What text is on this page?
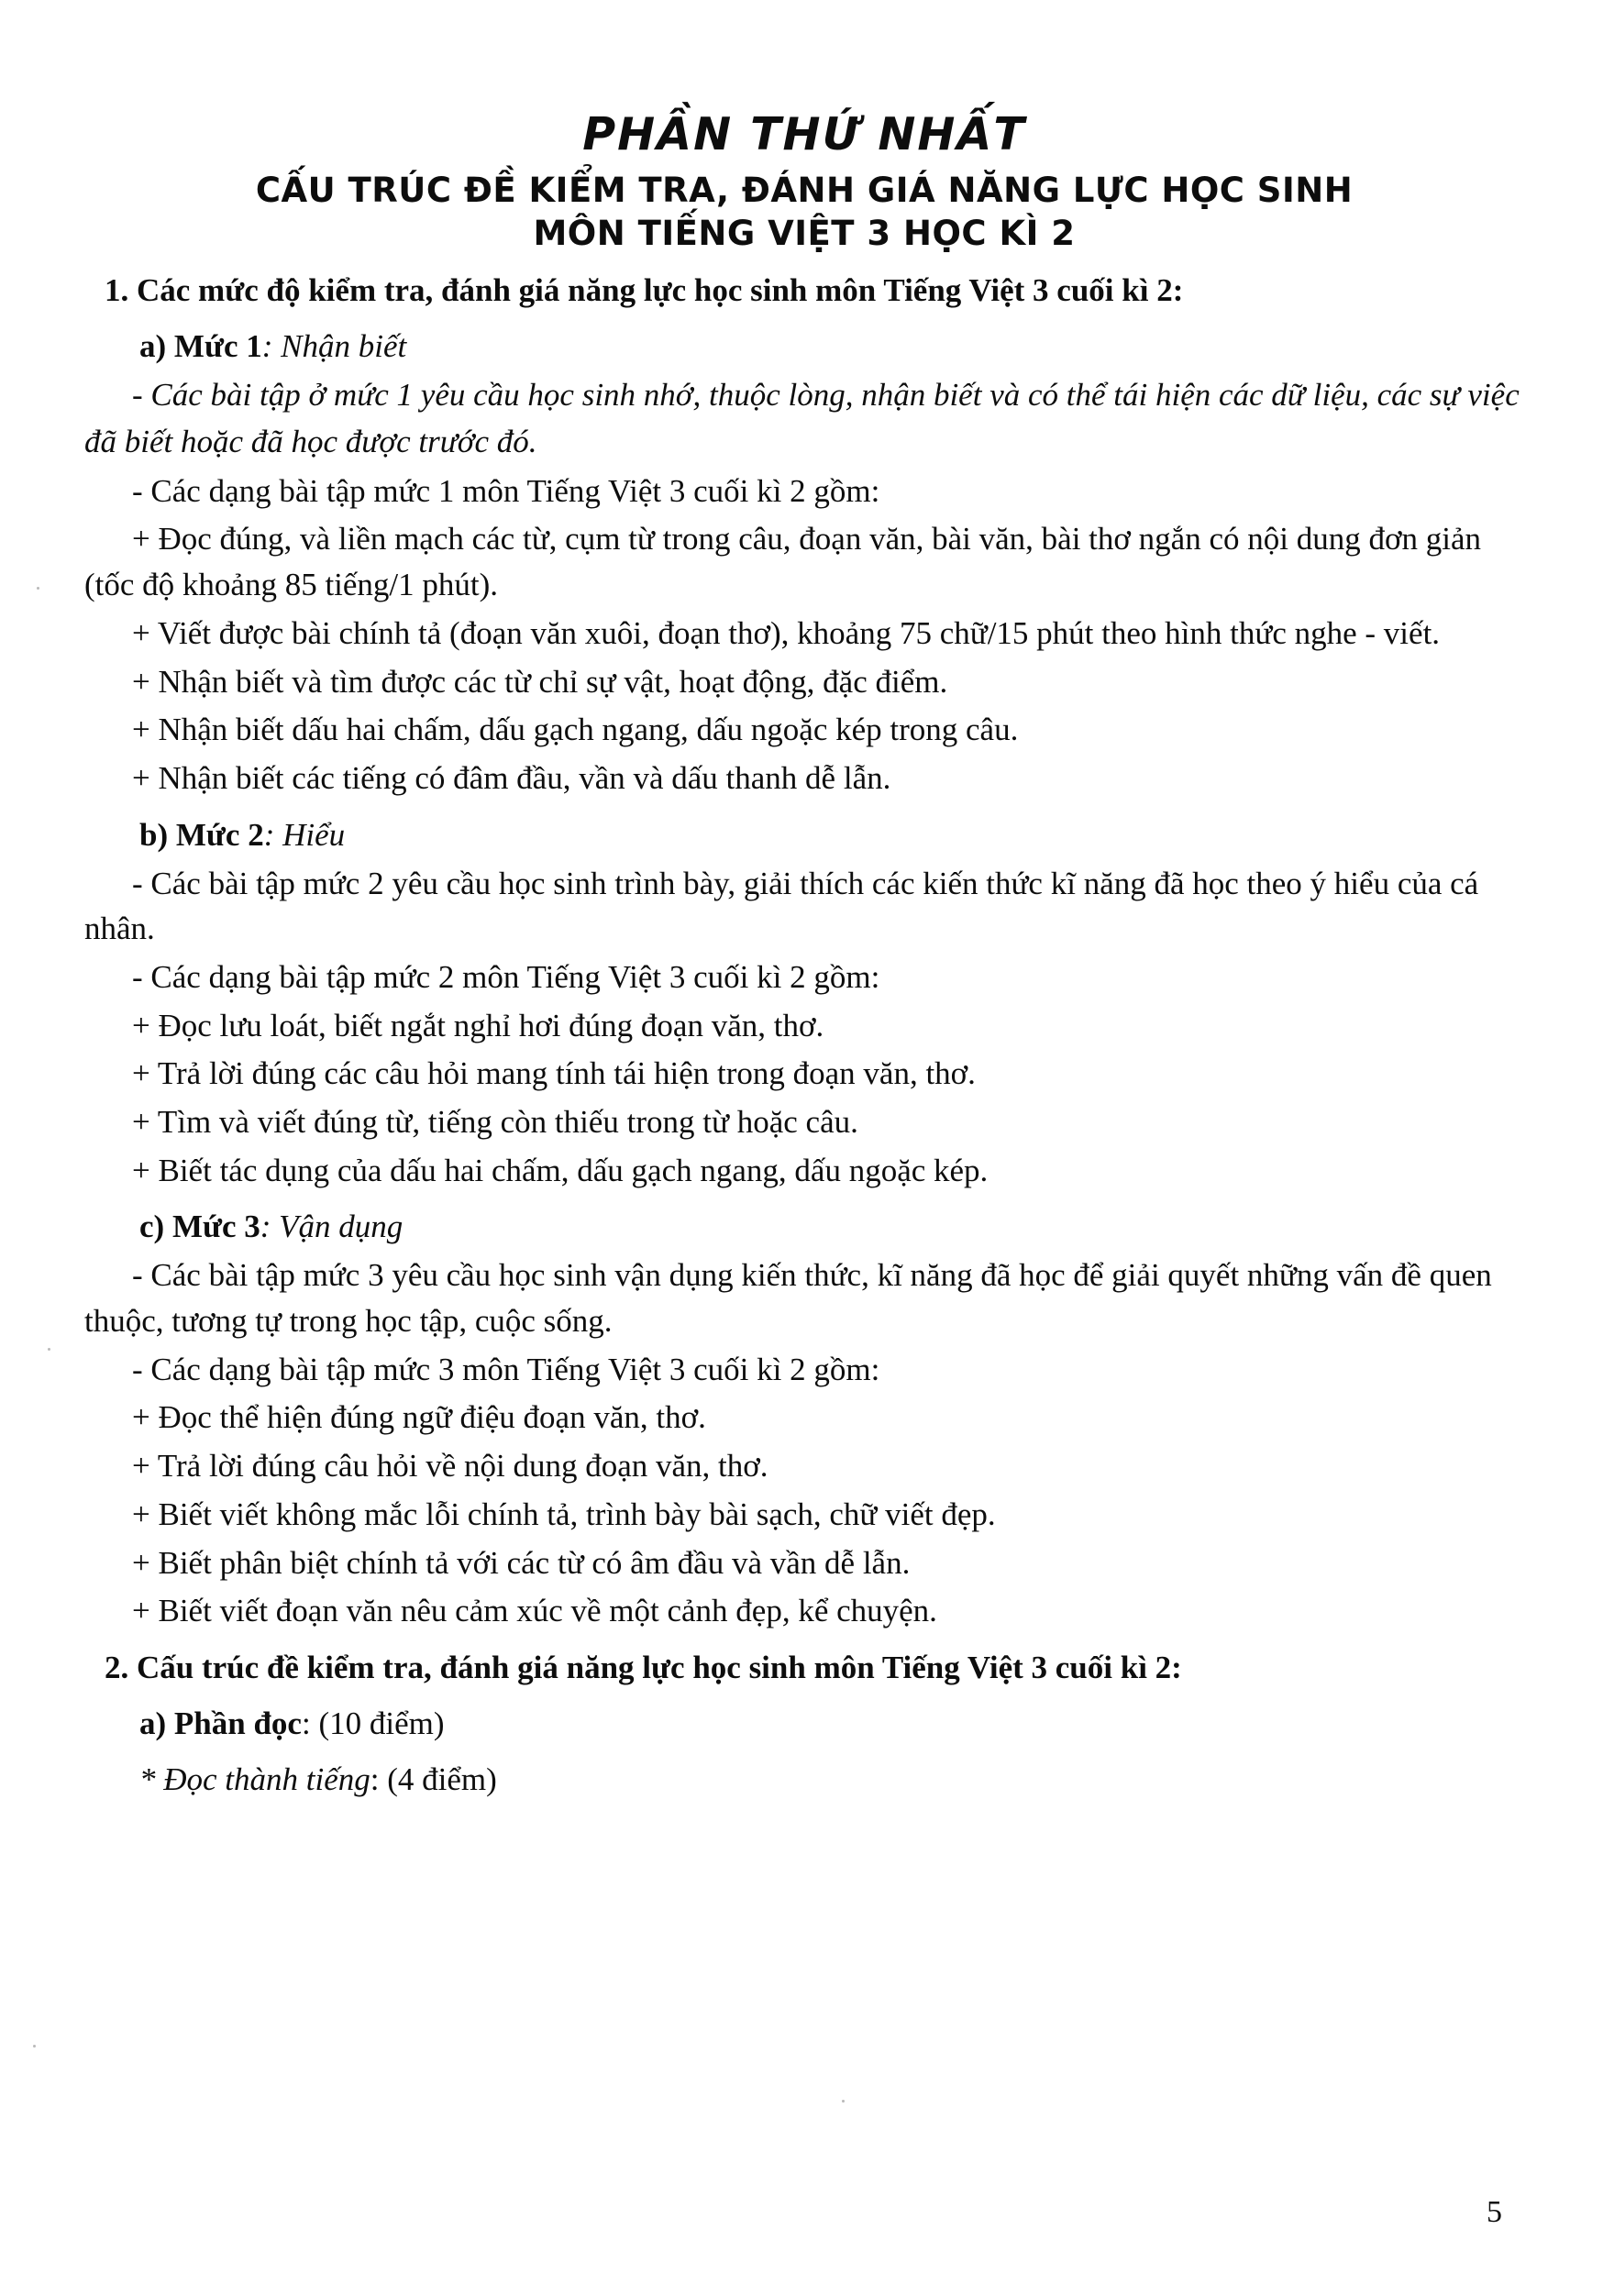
PHẦN THỨ NHẤT
CẤU TRÚC ĐỀ KIỂM TRA, ĐÁNH GIÁ NĂNG LỰC HỌC SINH
MÔN TIẾNG VIỆT 3 HỌC KÌ 2
1. Các mức độ kiểm tra, đánh giá năng lực học sinh môn Tiếng Việt 3 cuối kì 2:
a) Mức 1: Nhận biết

- Các bài tập ở mức 1 yêu cầu học sinh nhớ, thuộc lòng, nhận biết và có thể tái hiện các dữ liệu, các sự việc đã biết hoặc đã học được trước đó.

- Các dạng bài tập mức 1 môn Tiếng Việt 3 cuối kì 2 gồm:

+ Đọc đúng, và liền mạch các từ, cụm từ trong câu, đoạn văn, bài văn, bài thơ ngắn có nội dung đơn giản (tốc độ khoảng 85 tiếng/1 phút).

+ Viết được bài chính tả (đoạn văn xuôi, đoạn thơ), khoảng 75 chữ/15 phút theo hình thức nghe - viết.

+ Nhận biết và tìm được các từ chỉ sự vật, hoạt động, đặc điểm.

+ Nhận biết dấu hai chấm, dấu gạch ngang, dấu ngoặc kép trong câu.

+ Nhận biết các tiếng có đâm đầu, vần và dấu thanh dễ lẫn.

b) Mức 2: Hiểu

- Các bài tập mức 2 yêu cầu học sinh trình bày, giải thích các kiến thức kĩ năng đã học theo ý hiểu của cá nhân.

- Các dạng bài tập mức 2 môn Tiếng Việt 3 cuối kì 2 gồm:

+ Đọc lưu loát, biết ngắt nghỉ hơi đúng đoạn văn, thơ.

+ Trả lời đúng các câu hỏi mang tính tái hiện trong đoạn văn, thơ.

+ Tìm và viết đúng từ, tiếng còn thiếu trong từ hoặc câu.

+ Biết tác dụng của dấu hai chấm, dấu gạch ngang, dấu ngoặc kép.

c) Mức 3: Vận dụng

- Các bài tập mức 3 yêu cầu học sinh vận dụng kiến thức, kĩ năng đã học để giải quyết những vấn đề quen thuộc, tương tự trong học tập, cuộc sống.

- Các dạng bài tập mức 3 môn Tiếng Việt 3 cuối kì 2 gồm:

+ Đọc thể hiện đúng ngữ điệu đoạn văn, thơ.

+ Trả lời đúng câu hỏi về nội dung đoạn văn, thơ.

+ Biết viết không mắc lỗi chính tả, trình bày bài sạch, chữ viết đẹp.

+ Biết phân biệt chính tả với các từ có âm đầu và vần dễ lẫn.

+ Biết viết đoạn văn nêu cảm xúc về một cảnh đẹp, kể chuyện.

2. Cấu trúc đề kiểm tra, đánh giá năng lực học sinh môn Tiếng Việt 3 cuối kì 2:
a) Phần đọc: (10 điểm)
* Đọc thành tiếng: (4 điểm)
5
